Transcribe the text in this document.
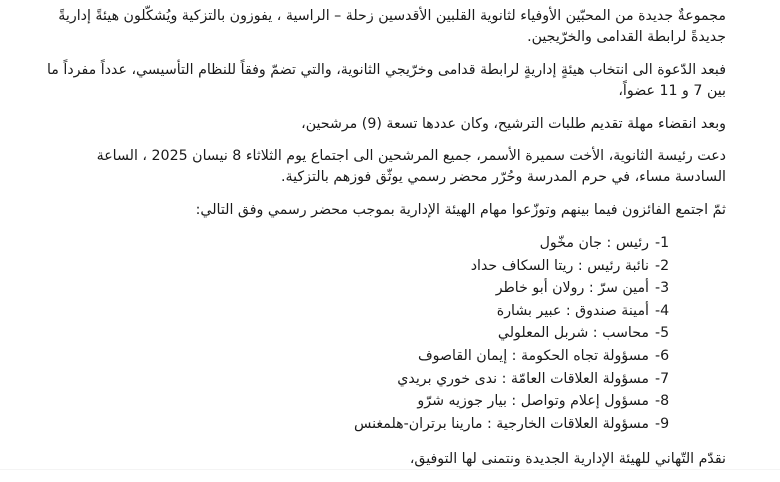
مجموعةٌ جديدة من المحبّين الأوفياء لثانوية القلبين الأقدسين زحلة – الراسية ، يفوزون بالتزكية ويُشكّلون هيئةً إداريةً جديدةً لرابطة القدامى والخرّيجين.

فبعد الدّعوة الى انتخاب هيئةٍ إداريةٍ لرابطة قدامى وخرّيجي الثانوية، والتي تضمّ وفقاً للنظام التأسيسي، عدداً مفرداً ما بين 7 و 11 عضواً،

وبعد انقضاء مهلة تقديم طلبات الترشيح، وكان عددها تسعة (9) مرشحين،

دعت رئيسة الثانوية، الأخت سميرة الأسمر، جميع المرشحين الى اجتماع يوم الثلاثاء 8 نيسان 2025 ، الساعة السادسة مساء، في حرم المدرسة وحُرّر محضر رسمي يوثّق فوزهم بالتزكية.

ثمّ اجتمع الفائزون فيما بينهم وتوزّعوا مهام الهيئة الإدارية بموجب محضر رسمي وفق التالي:

-1
رئيس : جان مخّول
-2
نائبة رئيس : ريتا السكاف حداد
-3
أمين سرّ : رولان أبو خاطر
-4
أمينة صندوق : عبير بشارة
-5
محاسب : شربل المعلولي
-6
مسؤولة تجاه الحكومة : إيمان القاصوف
-7
مسؤولة العلاقات العامّة : ندى خوري بريدي
-8
مسؤول إعلام وتواصل : بيار جوزيه شرّو
-9
مسؤولة العلاقات الخارجية : مارينا برتران-هلمغنس

نقدّم التّهاني للهيئة الإدارية الجديدة ونتمنى لها التوفيق،
